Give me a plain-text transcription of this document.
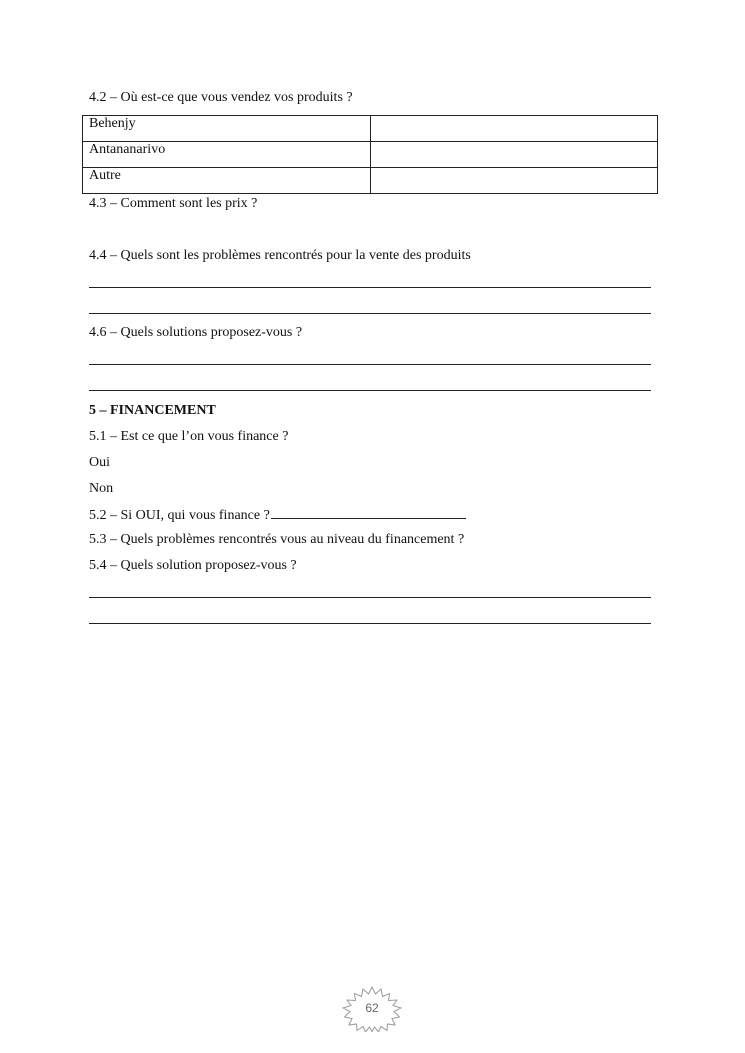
4.2 – Où est-ce que vous vendez vos produits ?
Behenjy	
Antananarivo	
Autre	
4.3 – Comment sont les prix ?
4.4 – Quels sont les problèmes rencontrés pour la vente des produits
4.6 – Quels solutions proposez-vous ?
5 – FINANCEMENT
5.1 – Est ce que l’on vous finance ?
Oui
Non
5.2 – Si OUI, qui vous finance ?
5.3 – Quels problèmes rencontrés vous au niveau du financement ?
5.4 – Quels solution proposez-vous ?
62
